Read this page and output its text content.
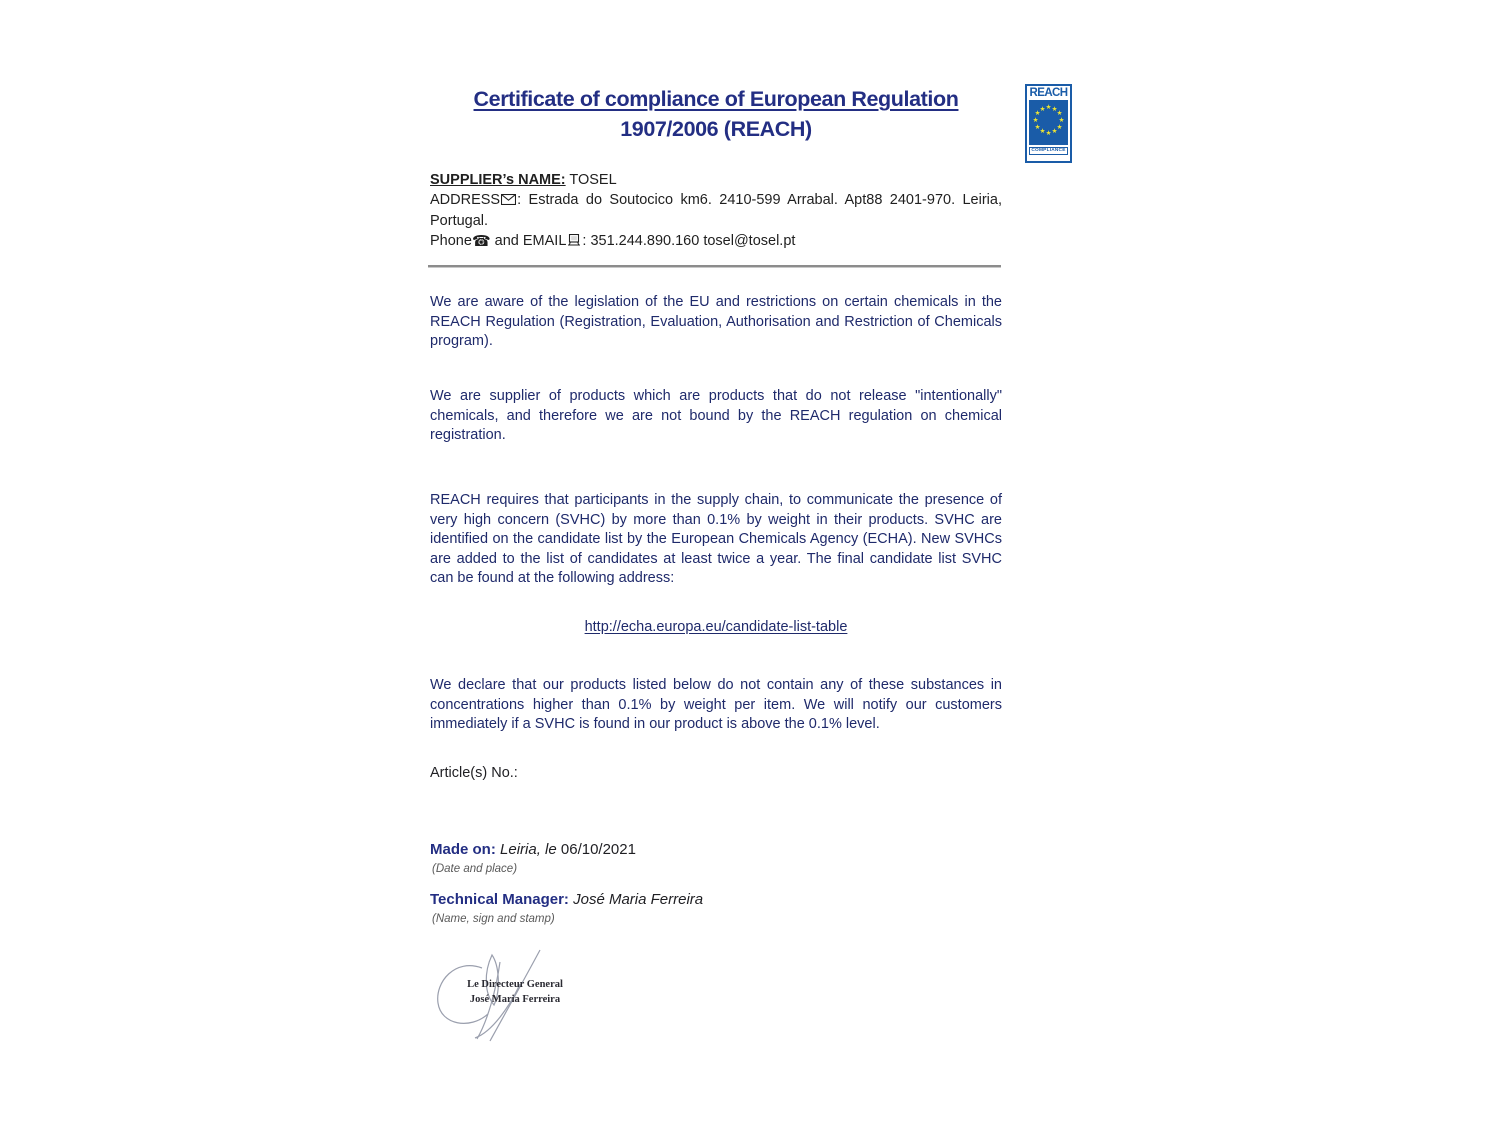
Certificate of compliance of European Regulation
1907/2006 (REACH)
REACH
★ ★ ★
★
★
★
★
★
★
★
★ ★
COMPLIANCE
SUPPLIER’s NAME: TOSEL
ADDRESS : Estrada do Soutocico km6. 2410-599 Arrabal. Apt88 2401-970. Leiria, Portugal.
Phone☎ and EMAIL : 351.244.890.160 tosel@tosel.pt
We are aware of the legislation of the EU and restrictions on certain chemicals in the REACH Regulation (Registration, Evaluation, Authorisation and Restriction of Chemicals program).
We are supplier of products which are products that do not release "intentionally" chemicals, and therefore we are not bound by the REACH regulation on chemical registration.
REACH requires that participants in the supply chain, to communicate the presence of very high concern (SVHC) by more than 0.1% by weight in their products. SVHC are identified on the candidate list by the European Chemicals Agency (ECHA). New SVHCs are added to the list of candidates at least twice a year. The final candidate list SVHC can be found at the following address:
http://echa.europa.eu/candidate-list-table
We declare that our products listed below do not contain any of these substances in concentrations higher than 0.1% by weight per item. We will notify our customers immediately if a SVHC is found in our product is above the 0.1% level.
Article(s) No.:
Made on: Leiria, le 06/10/2021
(Date and place)
Technical Manager: José Maria Ferreira
(Name, sign and stamp)
Le Directeur General
José Maria Ferreira
